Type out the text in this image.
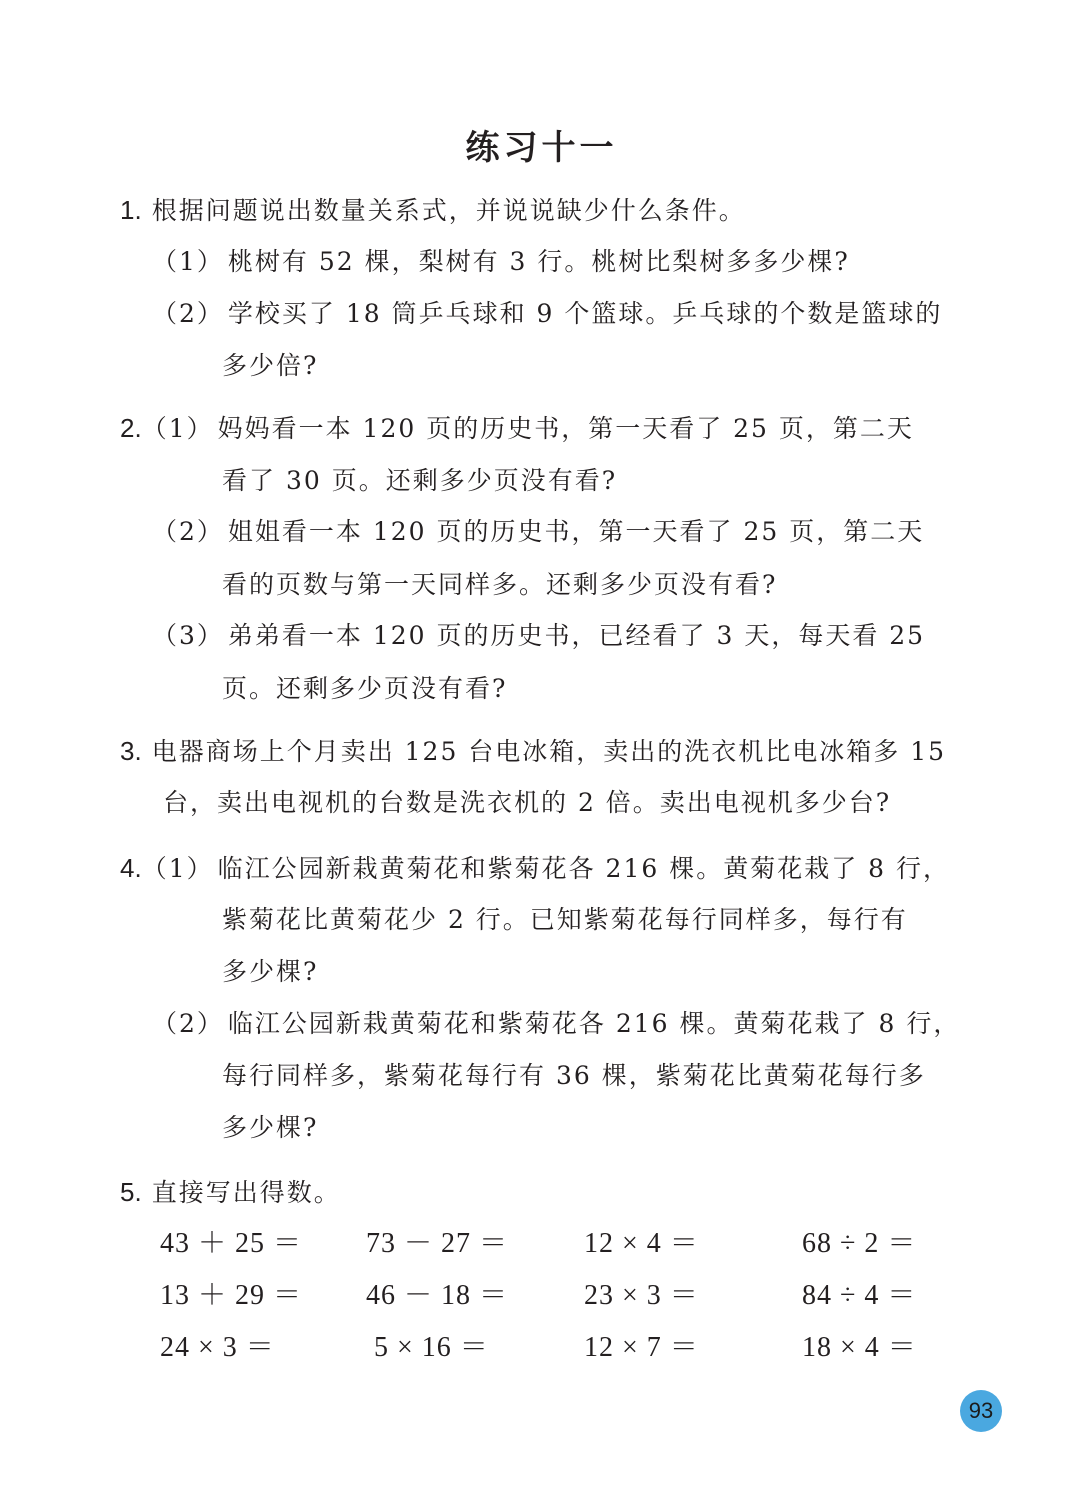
练习十一
1. 根据问题说出数量关系式，并说说缺少什么条件。
（1） 桃树有 52 棵，梨树有 3 行。桃树比梨树多多少棵?
（2） 学校买了 18 筒乒乓球和 9 个篮球。乒乓球的个数是篮球的
多少倍?
2.（1） 妈妈看一本 120 页的历史书，第一天看了 25 页，第二天
看了 30 页。还剩多少页没有看?
（2） 姐姐看一本 120 页的历史书，第一天看了 25 页，第二天
看的页数与第一天同样多。还剩多少页没有看?
（3） 弟弟看一本 120 页的历史书，已经看了 3 天，每天看 25
页。还剩多少页没有看?
3. 电器商场上个月卖出 125 台电冰箱，卖出的洗衣机比电冰箱多 15
台，卖出电视机的台数是洗衣机的 2 倍。卖出电视机多少台?
4.（1） 临江公园新栽黄菊花和紫菊花各 216 棵。黄菊花栽了 8 行，
紫菊花比黄菊花少 2 行。已知紫菊花每行同样多，每行有
多少棵?
（2） 临江公园新栽黄菊花和紫菊花各 216 棵。黄菊花栽了 8 行，
每行同样多，紫菊花每行有 36 棵，紫菊花比黄菊花每行多
多少棵?
5. 直接写出得数。
43 ＋ 25 ＝ 73 － 27 ＝	12 × 4 ＝	68 ÷ 2 ＝
13 ＋ 29 ＝ 46 － 18 ＝	23 × 3 ＝	84 ÷ 4 ＝
24 × 3 ＝	5 × 16 ＝	12 × 7 ＝	18 × 4 ＝
93
